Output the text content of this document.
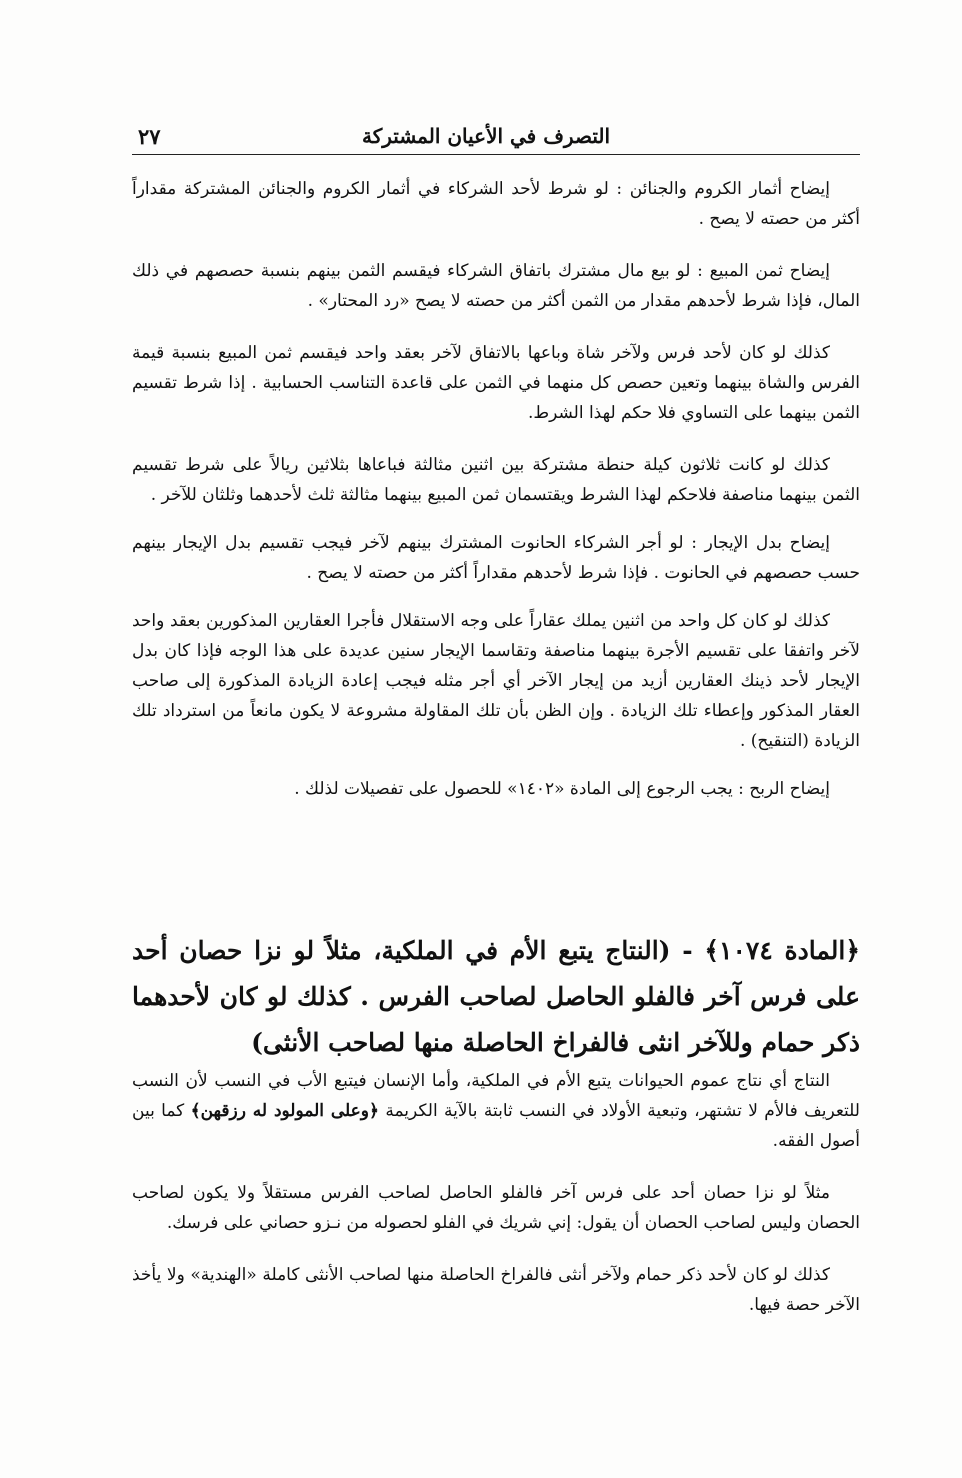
التصرف في الأعيان المشتركة
٢٧

إيضاح أثمار الكروم والجنائن : لو شرط لأحد الشركاء في أثمار الكروم والجنائن المشتركة مقداراً أكثر من حصته لا يصح .

إيضاح ثمن المبيع : لو بيع مال مشترك باتفاق الشركاء فيقسم الثمن بينهم بنسبة حصصهم في ذلك المال، فإذا شرط لأحدهم مقدار من الثمن أكثر من حصته لا يصح «رد المحتار» .

كذلك لو كان لأحد فرس ولآخر شاة وباعها بالاتفاق لآخر بعقد واحد فيقسم ثمن المبيع بنسبة قيمة الفرس والشاة بينهما وتعين حصص كل منهما في الثمن على قاعدة التناسب الحسابية . إذا شرط تقسيم الثمن بينهما على التساوي فلا حكم لهذا الشرط.

كذلك لو كانت ثلاثون كيلة حنطة مشتركة بين اثنين مثالثة فباعاها بثلاثين ريالاً على شرط تقسيم الثمن بينهما مناصفة فلاحكم لهذا الشرط ويقتسمان ثمن المبيع بينهما مثالثة ثلث لأحدهما وثلثان للآخر .

إيضاح بدل الإيجار : لو أجر الشركاء الحانوت المشترك بينهم لآخر فيجب تقسيم بدل الإيجار بينهم حسب حصصهم في الحانوت . فإذا شرط لأحدهم مقداراً أكثر من حصته لا يصح .

كذلك لو كان كل واحد من اثنين يملك عقاراً على وجه الاستقلال فأجرا العقارين المذكورين بعقد واحد لآخر واتفقا على تقسيم الأجرة بينهما مناصفة وتقاسما الإيجار سنين عديدة على هذا الوجه فإذا كان بدل الإيجار لأحد ذينك العقارين أزيد من إيجار الآخر أي أجر مثله فيجب إعادة الزيادة المذكورة إلى صاحب العقار المذكور وإعطاء تلك الزيادة . وإن الظن بأن تلك المقاولة مشروعة لا يكون مانعاً من استرداد تلك الزيادة (التنقيح) .

إيضاح الربح : يجب الرجوع إلى المادة «١٤٠٢» للحصول على تفصيلات لذلك .

﴿المادة ١٠٧٤﴾ - (النتاج يتبع الأم في الملكية، مثلاً لو نزا حصان أحد على فرس آخر فالفلو الحاصل لصاحب الفرس . كذلك لو كان لأحدهما ذكر حمام وللآخر انثى فالفراخ الحاصلة منها لصاحب الأنثى)

النتاج أي نتاج عموم الحيوانات يتبع الأم في الملكية، وأما الإنسان فيتبع الأب في النسب لأن النسب للتعريف فالأم لا تشتهر، وتبعية الأولاد في النسب ثابتة بالآية الكريمة ﴿وعلى المولود له رزقهن﴾ كما بين أصول الفقه.

مثلاً لو نزا حصان أحد على فرس آخر فالفلو الحاصل لصاحب الفرس مستقلاً ولا يكون لصاحب الحصان وليس لصاحب الحصان أن يقول: إني شريك في الفلو لحصوله من نـزو حصاني على فرسك.

كذلك لو كان لأحد ذكر حمام ولآخر أنثى فالفراخ الحاصلة منها لصاحب الأنثى كاملة «الهندية» ولا يأخذ الآخر حصة فيها.
